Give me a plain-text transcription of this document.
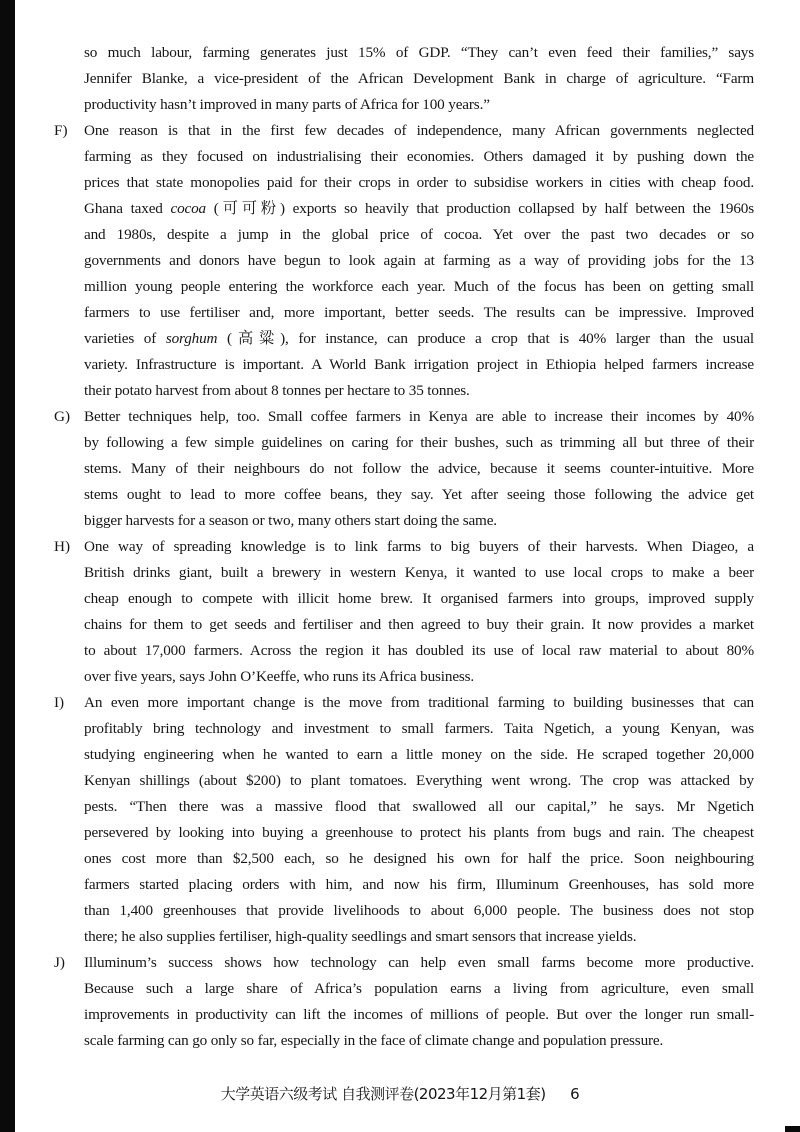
so much labour, farming generates just 15% of GDP. “They can’t even feed their families,” says
Jennifer Blanke, a vice-president of the African Development Bank in charge of agriculture. “Farm
productivity hasn’t improved in many parts of Africa for 100 years.”
F)	One reason is that in the first few decades of independence, many African governments neglected
farming as they focused on industrialising their economies. Others damaged it by pushing down the
prices that state monopolies paid for their crops in order to subsidise workers in cities with cheap food.
Ghana taxed cocoa (可可粉) exports so heavily that production collapsed by half between the 1960s
and 1980s, despite a jump in the global price of cocoa. Yet over the past two decades or so
governments and donors have begun to look again at farming as a way of providing jobs for the 13
million young people entering the workforce each year. Much of the focus has been on getting small
farmers to use fertiliser and, more important, better seeds. The results can be impressive. Improved
varieties of sorghum (高粱), for instance, can produce a crop that is 40% larger than the usual
variety. Infrastructure is important. A World Bank irrigation project in Ethiopia helped farmers increase
their potato harvest from about 8 tonnes per hectare to 35 tonnes.
G) Better techniques help, too. Small coffee farmers in Kenya are able to increase their incomes by 40%
by following a few simple guidelines on caring for their bushes, such as trimming all but three of their
stems. Many of their neighbours do not follow the advice, because it seems counter-intuitive. More
stems ought to lead to more coffee beans, they say. Yet after seeing those following the advice get
bigger harvests for a season or two, many others start doing the same.
H) One way of spreading knowledge is to link farms to big buyers of their harvests. When Diageo, a
British drinks giant, built a brewery in western Kenya, it wanted to use local crops to make a beer
cheap enough to compete with illicit home brew. It organised farmers into groups, improved supply
chains for them to get seeds and fertiliser and then agreed to buy their grain. It now provides a market
to about 17,000 farmers. Across the region it has doubled its use of local raw material to about 80%
over five years, says John O’Keeffe, who runs its Africa business.
I)	An even more important change is the move from traditional farming to building businesses that can
profitably bring technology and investment to small farmers. Taita Ngetich, a young Kenyan, was
studying engineering when he wanted to earn a little money on the side. He scraped together 20,000
Kenyan shillings (about $200) to plant tomatoes. Everything went wrong. The crop was attacked by
pests. “Then there was a massive flood that swallowed all our capital,” he says. Mr Ngetich
persevered by looking into buying a greenhouse to protect his plants from bugs and rain. The cheapest
ones cost more than $2,500 each, so he designed his own for half the price. Soon neighbouring
farmers started placing orders with him, and now his firm, Illuminum Greenhouses, has sold more
than 1,400 greenhouses that provide livelihoods to about 6,000 people. The business does not stop
there; he also supplies fertiliser, high-quality seedlings and smart sensors that increase yields.
J)	Illuminum’s success shows how technology can help even small farms become more productive.
Because such a large share of Africa’s population earns a living from agriculture, even small
improvements in productivity can lift the incomes of millions of people. But over the longer run small-
scale farming can go only so far, especially in the face of climate change and population pressure.
大学英语六级考试 自我测评卷(2023年12月第1套) 6
